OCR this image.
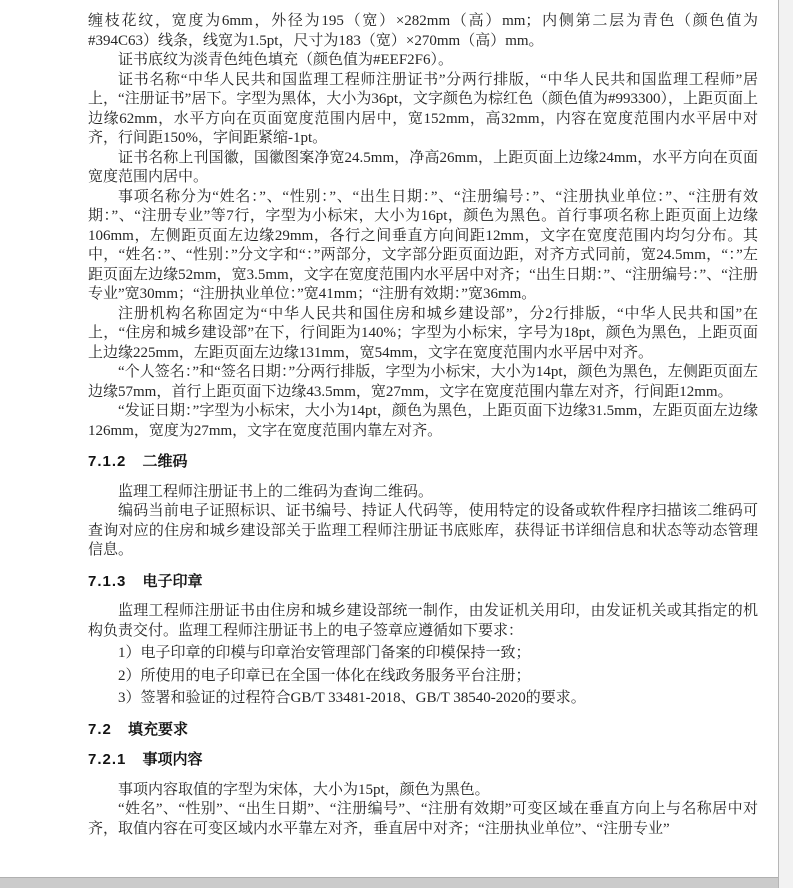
缠枝花纹，宽度为6mm，外径为195（宽）×282mm（高）mm；内侧第二层为青色（颜色值为#394C63）线条，线宽为1.5pt，尺寸为183（宽）×270mm（高）mm。

证书底纹为淡青色纯色填充（颜色值为#EEF2F6）。

证书名称“中华人民共和国监理工程师注册证书”分两行排版，“中华人民共和国监理工程师”居上，“注册证书”居下。字型为黑体，大小为36pt，文字颜色为棕红色（颜色值为#993300），上距页面上边缘62mm，水平方向在页面宽度范围内居中，宽152mm，高32mm，内容在宽度范围内水平居中对齐，行间距150%，字间距紧缩-1pt。

证书名称上刊国徽，国徽图案净宽24.5mm，净高26mm，上距页面上边缘24mm，水平方向在页面宽度范围内居中。

事项名称分为“姓名：”、“性别：”、“出生日期：”、“注册编号：”、“注册执业单位：”、“注册有效期：”、“注册专业”等7行，字型为小标宋，大小为16pt，颜色为黑色。首行事项名称上距页面上边缘106mm，左侧距页面左边缘29mm，各行之间垂直方向间距12mm，文字在宽度范围内均匀分布。其中，“姓名：”、“性别：”分文字和“：”两部分，文字部分距页面边距，对齐方式同前，宽24.5mm，“：”左距页面左边缘52mm，宽3.5mm，文字在宽度范围内水平居中对齐；“出生日期：”、“注册编号：”、“注册专业”宽30mm；“注册执业单位：”宽41mm；“注册有效期：”宽36mm。

注册机构名称固定为“中华人民共和国住房和城乡建设部”，分2行排版，“中华人民共和国”在上，“住房和城乡建设部”在下，行间距为140%；字型为小标宋，字号为18pt，颜色为黑色，上距页面上边缘225mm，左距页面左边缘131mm，宽54mm，文字在宽度范围内水平居中对齐。

“个人签名：”和“签名日期：”分两行排版，字型为小标宋，大小为14pt，颜色为黑色，左侧距页面左边缘57mm，首行上距页面下边缘43.5mm，宽27mm，文字在宽度范围内靠左对齐，行间距12mm。

“发证日期：”字型为小标宋，大小为14pt，颜色为黑色，上距页面下边缘31.5mm，左距页面左边缘126mm，宽度为27mm，文字在宽度范围内靠左对齐。

7.1.2 二维码

监理工程师注册证书上的二维码为查询二维码。

编码当前电子证照标识、证书编号、持证人代码等，使用特定的设备或软件程序扫描该二维码可查询对应的住房和城乡建设部关于监理工程师注册证书底账库，获得证书详细信息和状态等动态管理信息。

7.1.3 电子印章

监理工程师注册证书由住房和城乡建设部统一制作，由发证机关用印，由发证机关或其指定的机构负责交付。监理工程师注册证书上的电子签章应遵循如下要求：

1）电子印章的印模与印章治安管理部门备案的印模保持一致；

2）所使用的电子印章已在全国一体化在线政务服务平台注册；

3）签署和验证的过程符合GB/T 33481-2018、GB/T 38540-2020的要求。

7.2 填充要求
7.2.1 事项内容

事项内容取值的字型为宋体，大小为15pt，颜色为黑色。

“姓名”、“性别”、“出生日期”、“注册编号”、“注册有效期”可变区域在垂直方向上与名称居中对齐，取值内容在可变区域内水平靠左对齐，垂直居中对齐；“注册执业单位”、“注册专业”
